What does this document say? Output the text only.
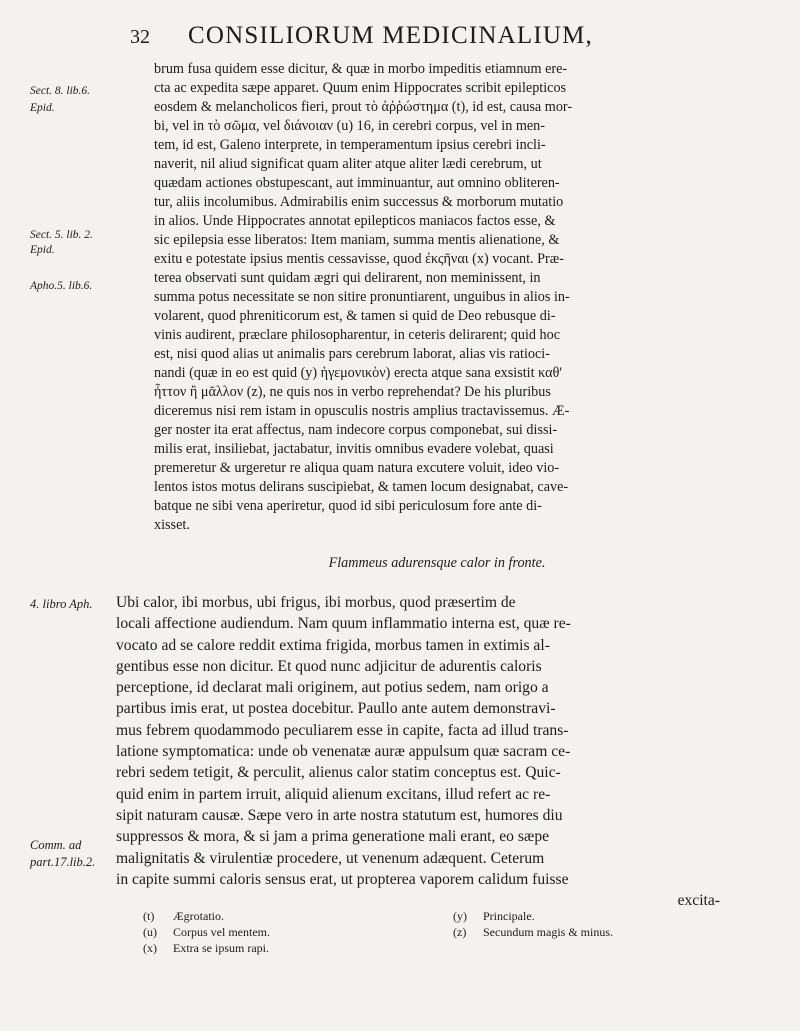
32 CONSILIORUM MEDICINALIUM,
Sect. 8. lib.6.
Epid.
Sect. 5. lib. 2.
Epid.
Apho.5. lib.6.
4. libro Aph.
Comm. ad
part.17.lib.2.
brum fusa quidem esse dicitur, & quæ in morbo impeditis etiamnum ere-
cta ac expedita sæpe apparet. Quum enim Hippocrates scribit epilepticos
eosdem & melancholicos fieri, prout τὸ ἀῤῥώστημα (t), id est, causa mor-
bi, vel in τὸ σῶμα, vel διάνοιαν (u) 16, in cerebri corpus, vel in men-
tem, id est, Galeno interprete, in temperamentum ipsius cerebri incli-
naverit, nil aliud significat quam aliter atque aliter lædi cerebrum, ut
quædam actiones obstupescant, aut imminuantur, aut omnino obliteren-
tur, aliis incolumibus. Admirabilis enim successus & morborum mutatio
in alios. Unde Hippocrates annotat epilepticos maniacos factos esse, &
sic epilepsia esse liberatos: Item maniam, summa mentis alienatione, &
exitu e potestate ipsius mentis cessavisse, quod ἐκςῆναι (x) vocant. Præ-
terea observati sunt quidam ægri qui delirarent, non meminissent, in
summa potus necessitate se non sitire pronuntiarent, unguibus in alios in-
volarent, quod phreniticorum est, & tamen si quid de Deo rebusque di-
vinis audirent, præclare philosopharentur, in ceteris delirarent; quid hoc
est, nisi quod alias ut animalis pars cerebrum laborat, alias vis ratioci-
nandi (quæ in eo est quid (y) ἡγεμονικὸν) erecta atque sana exsistit καθ'
ἧττον ἢ μᾶλλον (z), ne quis nos in verbo reprehendat? De his pluribus
diceremus nisi rem istam in opusculis nostris amplius tractavissemus. Æ-
ger noster ita erat affectus, nam indecore corpus componebat, sui dissi-
milis erat, insiliebat, jactabatur, invitis omnibus evadere volebat, quasi
premeretur & urgeretur re aliqua quam natura excutere voluit, ideo vio-
lentos istos motus delirans suscipiebat, & tamen locum designabat, cave-
batque ne sibi vena aperiretur, quod id sibi periculosum fore ante di-
xisset.
Flammeus adurensque calor in fronte.
Ubi calor, ibi morbus, ubi frigus, ibi morbus, quod præsertim de
locali affectione audiendum. Nam quum inflammatio interna est, quæ re-
vocato ad se calore reddit extima frigida, morbus tamen in extimis al-
gentibus esse non dicitur. Et quod nunc adjicitur de adurentis caloris
perceptione, id declarat mali originem, aut potius sedem, nam origo a
partibus imis erat, ut postea docebitur. Paullo ante autem demonstravi-
mus febrem quodammodo peculiarem esse in capite, facta ad illud trans-
latione symptomatica: unde ob venenatæ auræ appulsum quæ sacram ce-
rebri sedem tetigit, & perculit, alienus calor statim conceptus est. Quic-
quid enim in partem irruit, aliquid alienum excitans, illud refert ac re-
sipit naturam causæ. Sæpe vero in arte nostra statutum est, humores diu
suppressos & mora, & si jam a prima generatione mali erant, eo sæpe
malignitatis & virulentiæ procedere, ut venenum adæquent. Ceterum
in capite summi caloris sensus erat, ut propterea vaporem calidum fuisse
excita-
(t) Ægrotatio.
(u) Corpus vel mentem.
(x) Extra se ipsum rapi.
(y) Principale.
(z) Secundum magis & minus.
